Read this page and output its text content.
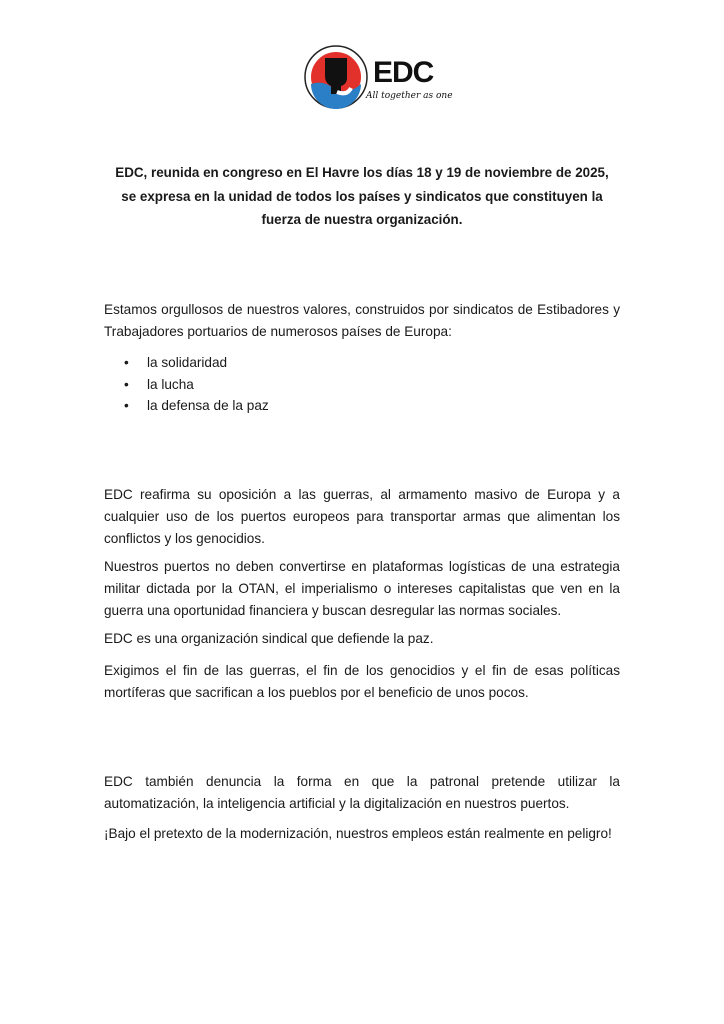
EDC
All together as one
EDC, reunida en congreso en El Havre los días 18 y 19 de noviembre de 2025,
se expresa en la unidad de todos los países y sindicatos que constituyen la
fuerza de nuestra organización.

Estamos orgullosos de nuestros valores, construidos por sindicatos de Estibadores y Trabajadores portuarios de numerosos países de Europa:

• la solidaridad
• la lucha
• la defensa de la paz

EDC reafirma su oposición a las guerras, al armamento masivo de Europa y a cualquier uso de los puertos europeos para transportar armas que alimentan los conflictos y los genocidios.

Nuestros puertos no deben convertirse en plataformas logísticas de una estrategia militar dictada por la OTAN, el imperialismo o intereses capitalistas que ven en la guerra una oportunidad financiera y buscan desregular las normas sociales.

EDC es una organización sindical que defiende la paz.

Exigimos el fin de las guerras, el fin de los genocidios y el fin de esas políticas mortíferas que sacrifican a los pueblos por el beneficio de unos pocos.

EDC también denuncia la forma en que la patronal pretende utilizar la automatización, la inteligencia artificial y la digitalización en nuestros puertos.

¡Bajo el pretexto de la modernización, nuestros empleos están realmente en peligro!
